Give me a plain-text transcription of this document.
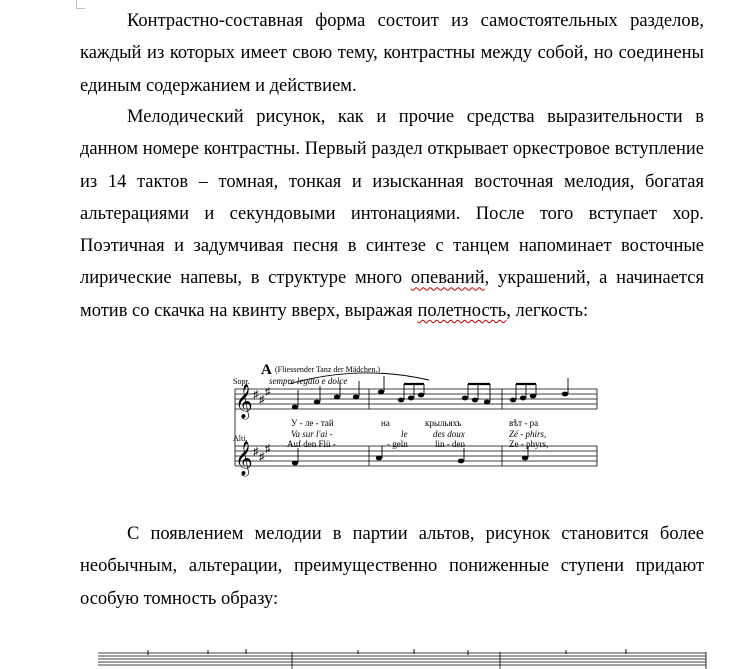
Контрастно-составная форма состоит из самостоятельных разделов,
каждый из которых имеет свою тему, контрастны между собой, но соединены
единым содержанием и действием.
Мелодический рисунок, как и прочие средства выразительности в
данном номере контрастны. Первый раздел открывает оркестровое вступление
из 14 тактов – томная, тонкая и изысканная восточная мелодия, богатая
альтерациями и секундовыми интонациями. После того вступает хор.
Поэтичная и задумчивая песня в синтезе с танцем напоминает восточные
лирические напевы, в структуре много опеваний, украшений, а начинается
мотив со скачка на квинту вверх, выражая полетность, легкость:
𝄞
𝄞
♯ ♯
♯
♯ ♯
♯
A (Fliessender Tanz der Mädchen.)
Sopr. sempre legato e dolce
Alti.
У - ле - тай	на	крыльяхъ	вѣт - ра
Va sur l'ai -	le	des doux	Zé - phirs,
Auf den Flü -	- geln	lin - den	Ze - phyrs,
С появлением мелодии в партии альтов, рисунок становится более
необычным, альтерации, преимущественно пониженные ступени придают
особую томность образу:
